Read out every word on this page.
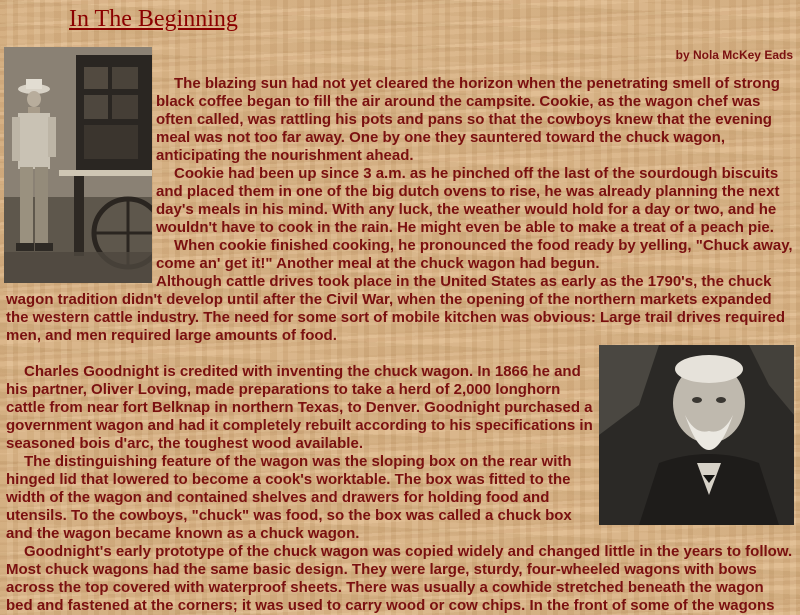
In The Beginning

by Nola McKey Eads

The blazing sun had not yet cleared the horizon when the penetrating smell of strong black coffee began to fill the air around the campsite. Cookie, as the wagon chef was often called, was rattling his pots and pans so that the cowboys knew that the evening meal was not too far away. One by one they sauntered toward the chuck wagon, anticipating the nourishment ahead.

Cookie had been up since 3 a.m. as he pinched off the last of the sourdough biscuits and placed them in one of the big dutch ovens to rise, he was already planning the next day's meals in his mind. With any luck, the weather would hold for a day or two, and he wouldn't have to cook in the rain. He might even be able to make a treat of a peach pie.

When cookie finished cooking, he pronounced the food ready by yelling, "Chuck away, come an' get it!" Another meal at the chuck wagon had begun.

Although cattle drives took place in the United States as early as the 1790's, the chuck wagon tradition didn't develop until after the Civil War, when the opening of the northern markets expanded the western cattle industry. The need for some sort of mobile kitchen was obvious: Large trail drives required men, and men required large amounts of food.

Charles Goodnight is credited with inventing the chuck wagon. In 1866 he and his partner, Oliver Loving, made preparations to take a herd of 2,000 longhorn cattle from near fort Belknap in northern Texas, to Denver. Goodnight purchased a government wagon and had it completely rebuilt according to his specifications in seasoned bois d'arc, the toughest wood available.

The distinguishing feature of the wagon was the sloping box on the rear with hinged lid that lowered to become a cook's worktable. The box was fitted to the width of the wagon and contained shelves and drawers for holding food and utensils. To the cowboys, "chuck" was food, so the box was called a chuck box and the wagon became known as a chuck wagon.

Goodnight's early prototype of the chuck wagon was copied widely and changed little in the years to follow. Most chuck wagons had the same basic design. They were large, sturdy, four-wheeled wagons with bows across the top covered with waterproof sheets. There was usually a cowhide stretched beneath the wagon bed and fastened at the corners; it was used to carry wood or cow chips. In the front of some of the wagons
